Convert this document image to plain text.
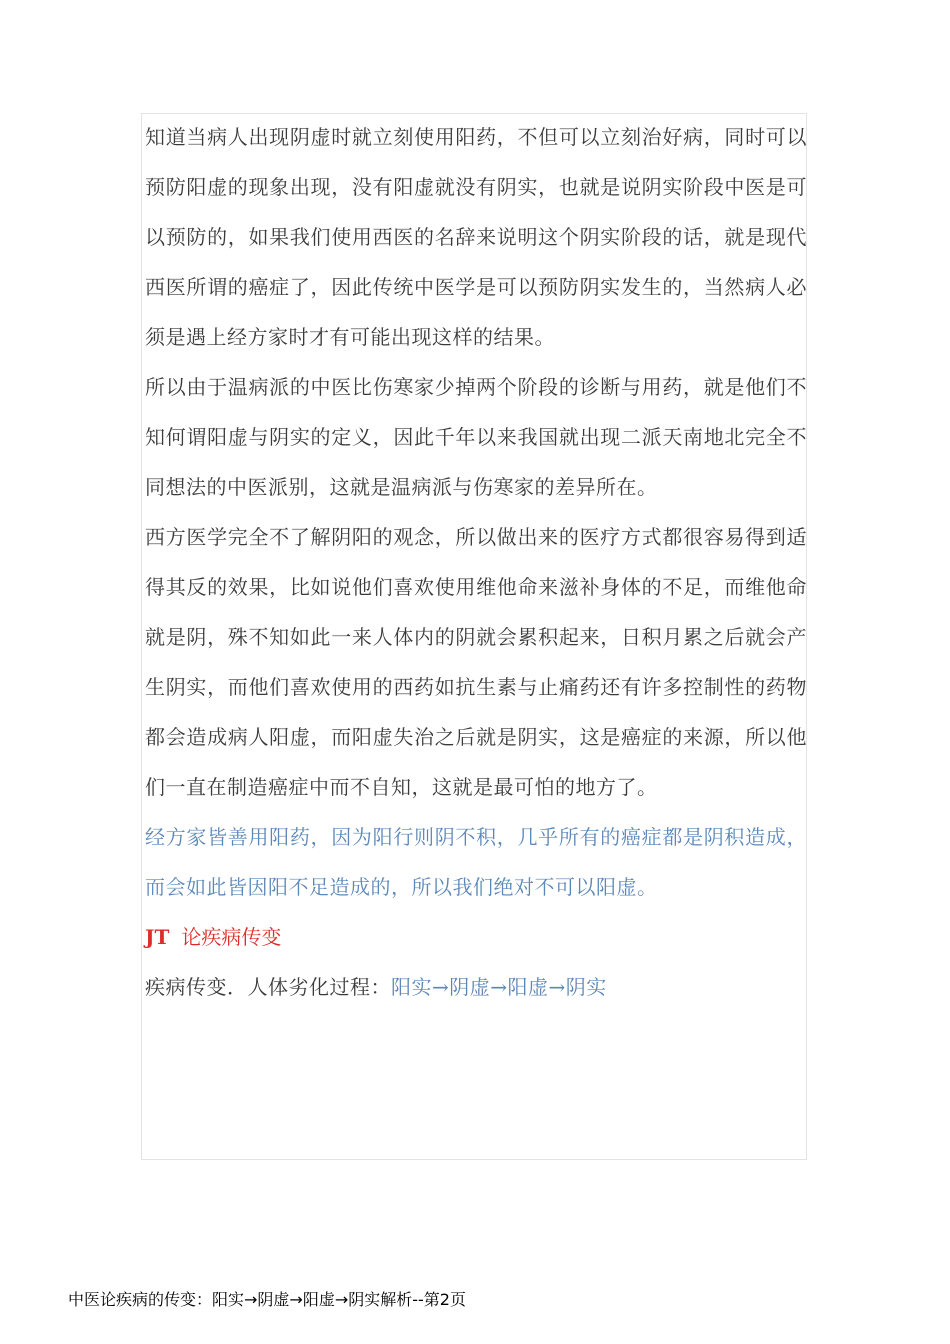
知道当病人出现阴虚时就立刻使用阳药，不但可以立刻治好病，同时可以预防阳虚的现象出现，没有阳虚就没有阴实，也就是说阴实阶段中医是可以预防的，如果我们使用西医的名辞来说明这个阴实阶段的话，就是现代西医所谓的癌症了，因此传统中医学是可以预防阴实发生的，当然病人必须是遇上经方家时才有可能出现这样的结果。

所以由于温病派的中医比伤寒家少掉两个阶段的诊断与用药，就是他们不知何谓阳虚与阴实的定义，因此千年以来我国就出现二派天南地北完全不同想法的中医派别，这就是温病派与伤寒家的差异所在。

西方医学完全不了解阴阳的观念，所以做出来的医疗方式都很容易得到适得其反的效果，比如说他们喜欢使用维他命来滋补身体的不足，而维他命就是阴，殊不知如此一来人体内的阴就会累积起来，日积月累之后就会产生阴实，而他们喜欢使用的西药如抗生素与止痛药还有许多控制性的药物都会造成病人阳虚，而阳虚失治之后就是阴实，这是癌症的来源，所以他们一直在制造癌症中而不自知，这就是最可怕的地方了。

经方家皆善用阳药，因为阳行则阴不积，几乎所有的癌症都是阴积造成，而会如此皆因阳不足造成的，所以我们绝对不可以阳虚。

JT 论疾病传变

疾病传变．人体劣化过程：阳实→阴虚→阳虚→阴实

中医论疾病的传变：阳实→阴虚→阳虚→阴实解析--第2页
